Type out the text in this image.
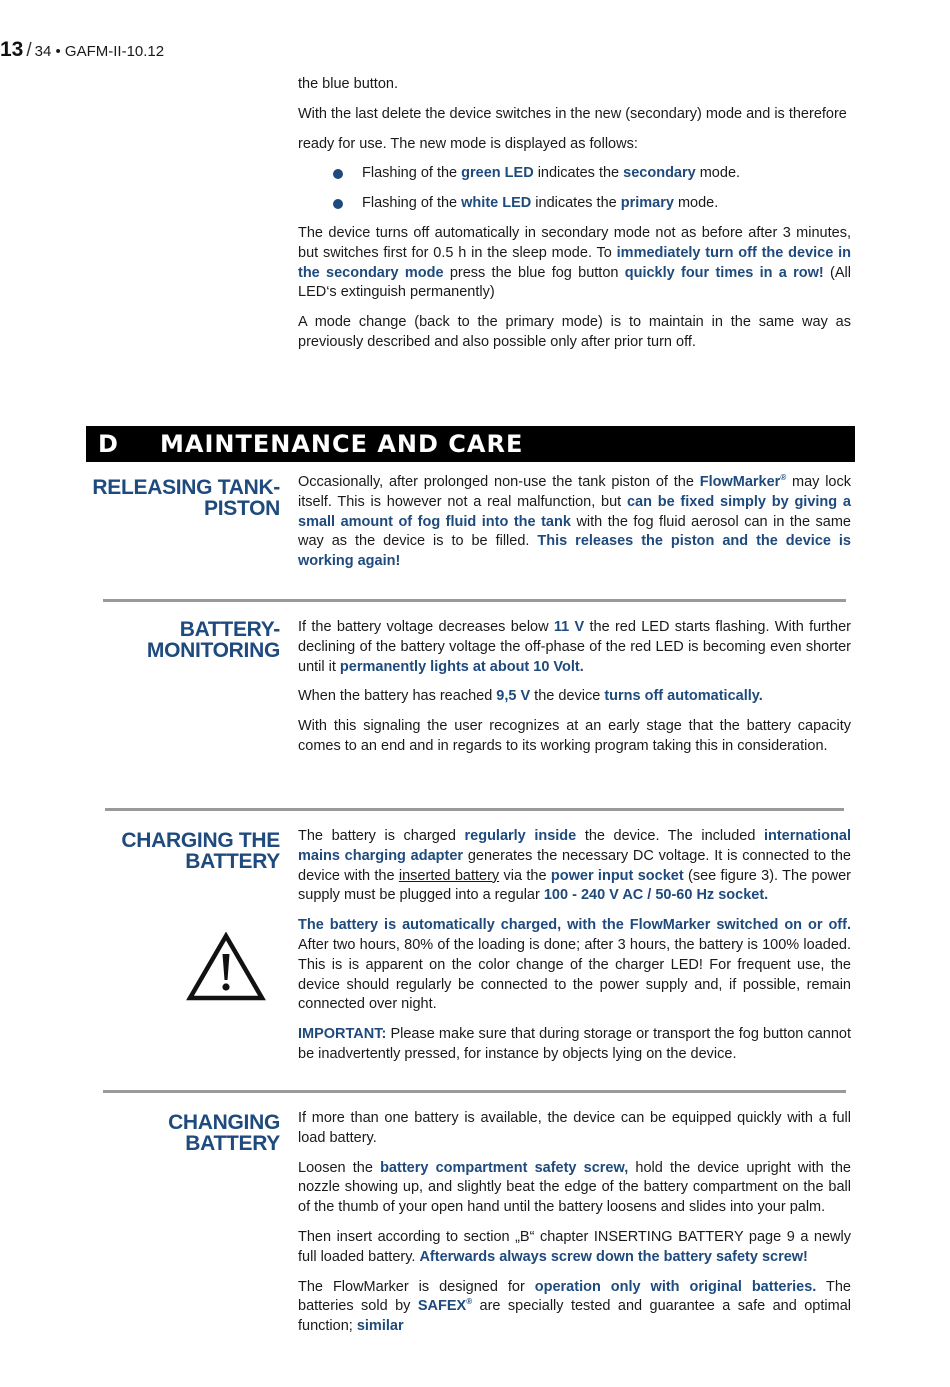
13 / 34 • GAFM-II-10.12

the blue button.

With the last delete the device switches in the new (secondary) mode and is therefore

ready for use. The new mode is displayed as follows:

Flashing of the green LED indicates the secondary mode.
Flashing of the white LED indicates the primary mode.

The device turns off automatically in secondary mode not as before after 3 minutes, but switches first for 0.5 h in the sleep mode. To immediately turn off the device in the secondary mode press the blue fog button quickly four times in a row! (All LED‘s extinguish permanently)

A mode change (back to the primary mode) is to maintain in the same way as previously described and also possible only after prior turn off.

D MAINTENANCE AND CARE
RELEASING TANK-
PISTON

Occasionally, after prolonged non-use the tank piston of the FlowMarker® may lock itself. This is however not a real malfunction, but can be fixed simply by giving a small amount of fog fluid into the tank with the fog fluid aerosol can in the same way as the device is to be filled. This releases the piston and the device is working again!

BATTERY-
MONITORING

If the battery voltage decreases below 11 V the red LED starts flashing. With further declining of the battery voltage the off-phase of the red LED is becoming even shorter until it permanently lights at about 10 Volt.

When the battery has reached 9,5 V the device turns off automatically.

With this signaling the user recognizes at an early stage that the battery capacity comes to an end and in regards to its working program taking this in consideration.

CHARGING THE
BATTERY

The battery is charged regularly inside the device. The included international mains charging adapter generates the necessary DC voltage. It is connected to the device with the inserted battery via the power input socket (see figure 3). The power supply must be plugged into a regular 100 - 240 V AC / 50-60 Hz socket.

The battery is automatically charged, with the FlowMarker switched on or off. After two hours, 80% of the loading is done; after 3 hours, the battery is 100% loaded. This is is apparent on the color change of the charger LED! For frequent use, the device should regularly be connected to the power supply and, if possible, remain connected over night.

IMPORTANT: Please make sure that during storage or transport the fog button cannot be inadvertently pressed, for instance by objects lying on the device.

CHANGING
BATTERY

If more than one battery is available, the device can be equipped quickly with a full load battery.

Loosen the battery compartment safety screw, hold the device upright with the nozzle showing up, and slightly beat the edge of the battery compartment on the ball of the thumb of your open hand until the battery loosens and slides into your palm.

Then insert according to section „B“ chapter INSERTING BATTERY page 9 a newly full loaded battery. Afterwards always screw down the battery safety screw!

The FlowMarker is designed for operation only with original batteries. The batteries sold by SAFEX® are specially tested and guarantee a safe and optimal function; similar
